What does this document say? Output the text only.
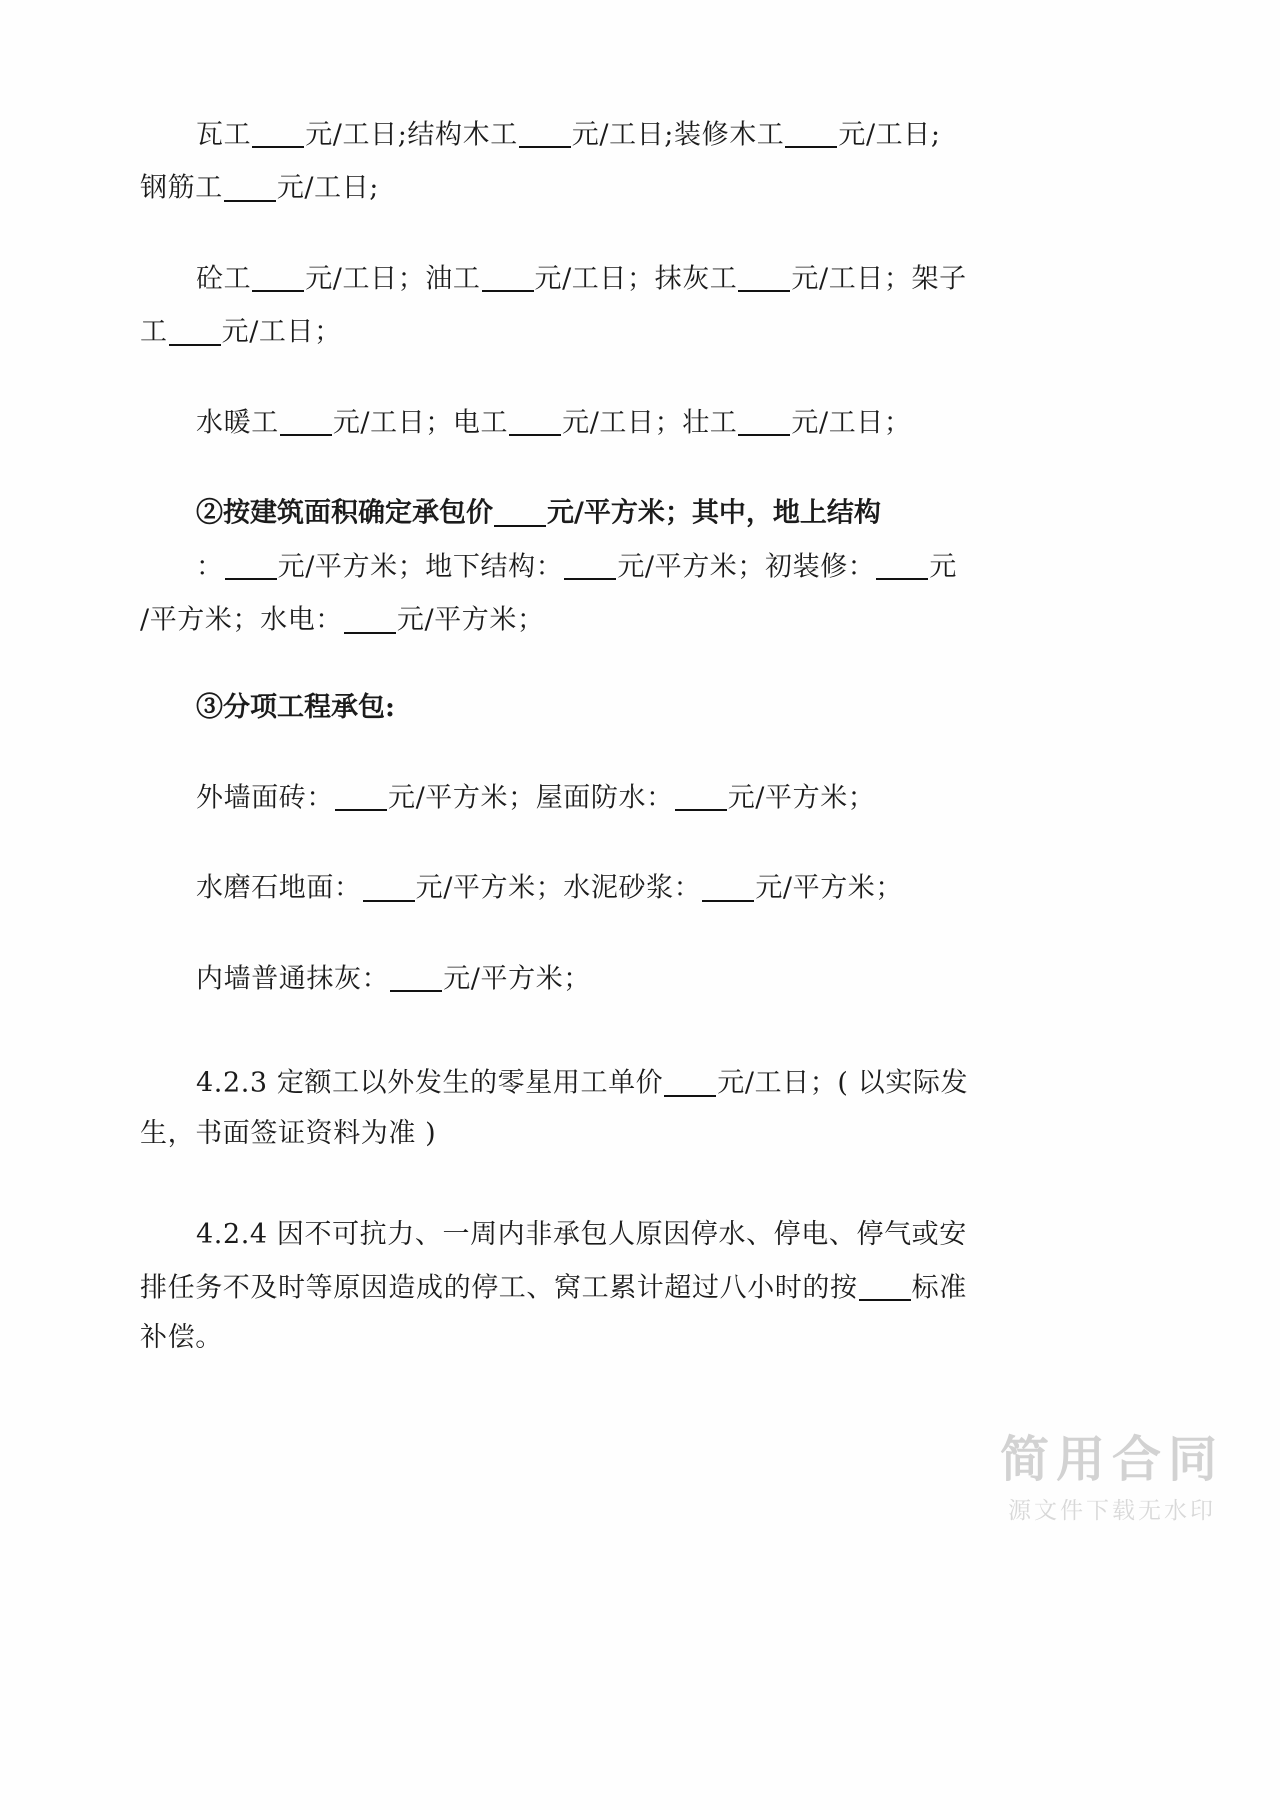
瓦工 元/工日;结构木工 元/工日;装修木工 元/工日;
钢筋工 元/工日;
砼工 元/工日；油工 元/工日；抹灰工 元/工日；架子
工 元/工日；
水暖工 元/工日；电工 元/工日；壮工 元/工日；
②按建筑面积确定承包价 元/平方米；其中，地上结构
： 元/平方米；地下结构： 元/平方米；初装修： 元
/平方米；水电： 元/平方米；
③分项工程承包:
外墙面砖： 元/平方米；屋面防水： 元/平方米；
水磨石地面： 元/平方米；水泥砂浆： 元/平方米；
内墙普通抹灰： 元/平方米；
4.2.3 定额工以外发生的零星用工单价 元/工日；( 以实际发
生，书面签证资料为准 )
4.2.4 因不可抗力、一周内非承包人原因停水、停电、停气或安
排任务不及时等原因造成的停工、窝工累计超过八小时的按 标准
补偿。
简用合同
源文件下载无水印
